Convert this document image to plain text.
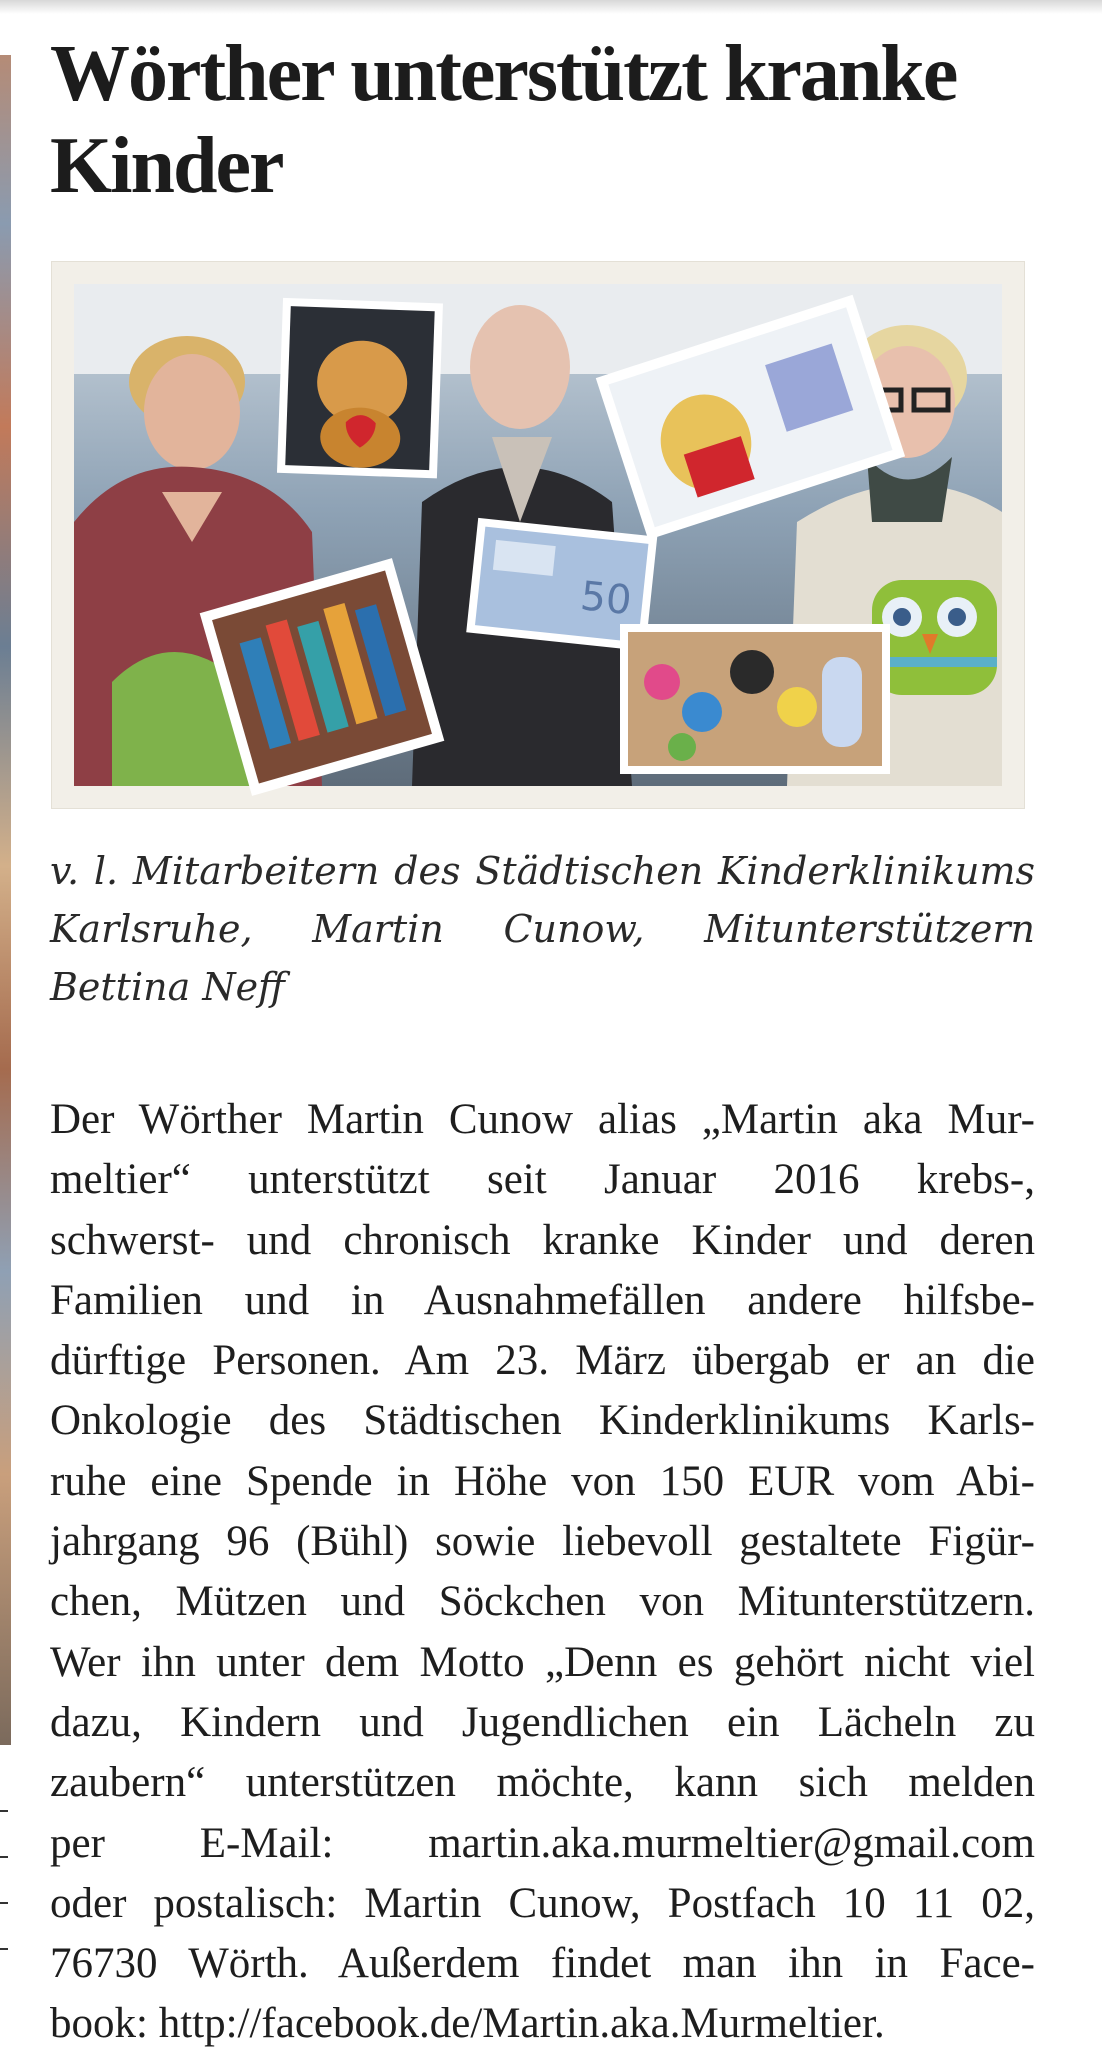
Wörther unterstützt kranke Kinder
50

v. l. Mitarbeitern des Städtischen Kinderklinikums Karlsruhe, Martin Cunow, Mitunterstützern Bettina Neff

Der Wörther Martin Cunow alias „Martin aka Mur-
meltier“ unterstützt seit Januar 2016 krebs-,
schwerst- und chronisch kranke Kinder und deren
Familien und in Ausnahmefällen andere hilfsbe-
dürftige Personen. Am 23. März übergab er an die
Onkologie des Städtischen Kinderklinikums Karls-
ruhe eine Spende in Höhe von 150 EUR vom Abi-
jahrgang 96 (Bühl) sowie liebevoll gestaltete Figür-
chen, Mützen und Söckchen von Mitunterstützern.
Wer ihn unter dem Motto „Denn es gehört nicht viel
dazu, Kindern und Jugendlichen ein Lächeln zu
zaubern“ unterstützen möchte, kann sich melden
per E-Mail: martin.aka.murmeltier@gmail.com
oder postalisch: Martin Cunow, Postfach 10 11 02,
76730 Wörth. Außerdem findet man ihn in Face-
book: http://facebook.de/Martin.aka.Murmeltier.
